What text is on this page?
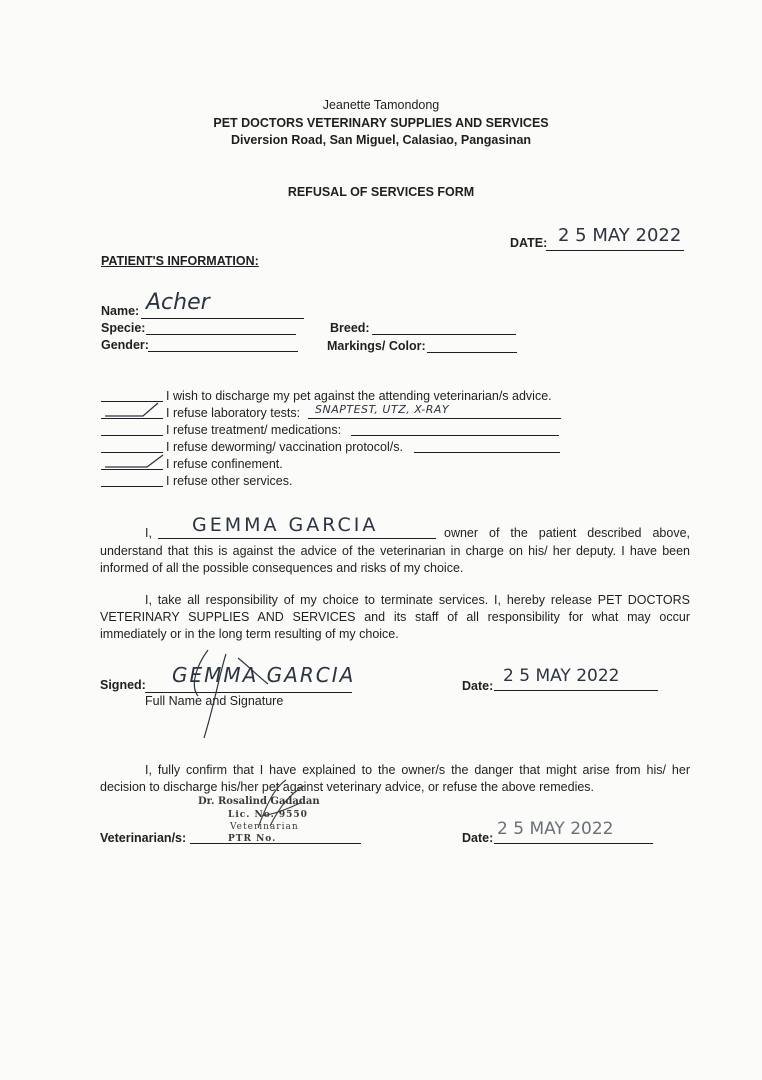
Jeanette Tamondong
PET DOCTORS VETERINARY SUPPLIES AND SERVICES
Diversion Road, San Miguel, Calasiao, Pangasinan
REFUSAL OF SERVICES FORM
DATE: 2 5 MAY 2022
PATIENT'S INFORMATION:
Name: Acher
Specie:
Gender:
Breed:
Markings/ Color:
I wish to discharge my pet against the attending veterinarian/s advice.
I refuse laboratory tests: SNAPTEST, UTZ, X-RAY
I refuse treatment/ medications:
I refuse deworming/ vaccination protocol/s.
I refuse confinement.
I refuse other services.
I, GEMMA GARCIA	owner of the patient described above,
understand that this is against the advice of the veterinarian in charge on his/ her deputy. I have been informed of all the possible consequences and risks of my choice.
I, take all responsibility of my choice to terminate services. I, hereby release PET DOCTORS VETERINARY SUPPLIES AND SERVICES and its staff of all responsibility for what may occur immediately or in the long term resulting of my choice.
Signed: GEMMA GARCIA
Full Name and Signature
Date: 2 5 MAY 2022
I, fully confirm that I have explained to the owner/s the danger that might arise from his/ her decision to discharge his/her pet against veterinary advice, or refuse the above remedies.
Dr. Rosalind Gadadan
Lic. No. 9550
Veterinarian
PTR No.
Veterinarian/s:	Date: 2 5 MAY 2022
